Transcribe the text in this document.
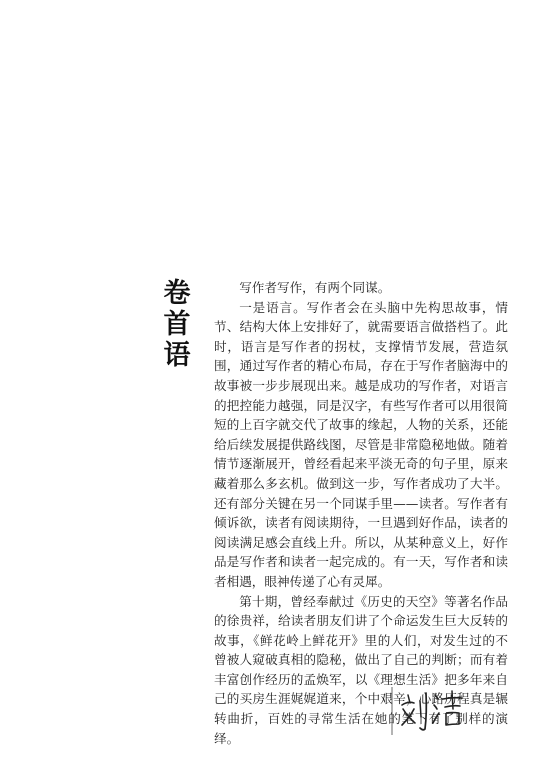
卷
首
语

写作者写作，有两个同谋。

一是语言。写作者会在头脑中先构思故事，情节、结构大体上安排好了，就需要语言做搭档了。此时，语言是写作者的拐杖，支撑情节发展，营造氛围，通过写作者的精心布局，存在于写作者脑海中的故事被一步步展现出来。越是成功的写作者，对语言的把控能力越强，同是汉字，有些写作者可以用很简短的上百字就交代了故事的缘起，人物的关系，还能给后续发展提供路线图，尽管是非常隐秘地做。随着情节逐渐展开，曾经看起来平淡无奇的句子里，原来藏着那么多玄机。做到这一步，写作者成功了大半。还有部分关键在另一个同谋手里——读者。写作者有倾诉欲，读者有阅读期待，一旦遇到好作品，读者的阅读满足感会直线上升。所以，从某种意义上，好作品是写作者和读者一起完成的。有一天，写作者和读者相遇，眼神传递了心有灵犀。

第十期，曾经奉献过《历史的天空》等著名作品的徐贵祥，给读者朋友们讲了个命运发生巨大反转的故事，《鲜花岭上鲜花开》里的人们，对发生过的不曾被人窥破真相的隐秘，做出了自己的判断；而有着丰富创作经历的孟焕军，以《理想生活》把多年来自己的买房生涯娓娓道来，个中艰辛，心路历程真是辗转曲折，百姓的寻常生活在她的笔下有了别样的演绎。
